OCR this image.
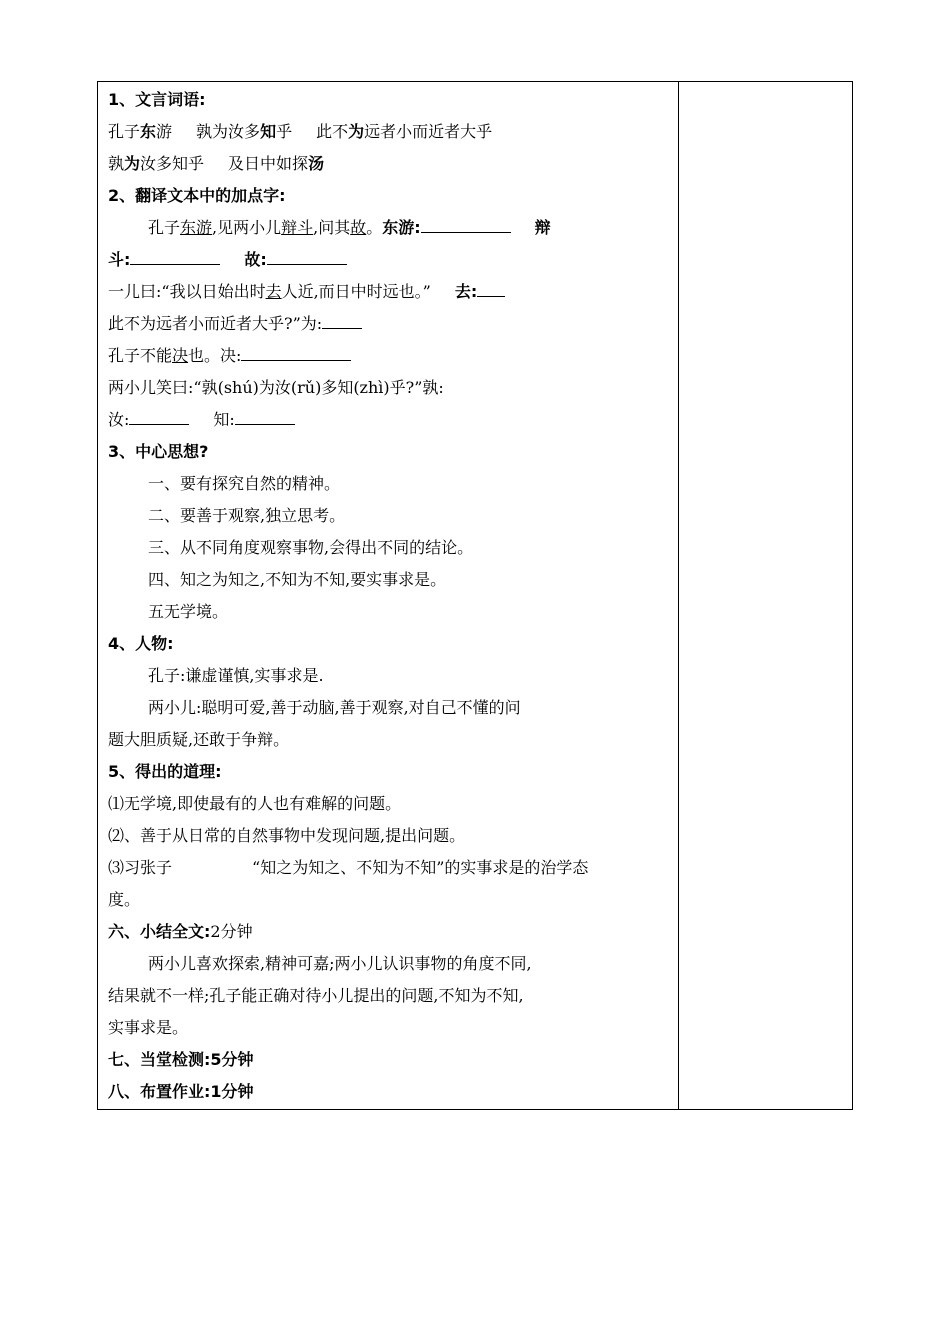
1、文言词语:
孔子东游 孰为汝多知乎 此不为远者小而近者大乎
孰为汝多知乎 及日中如探汤
2、翻译文本中的加点字:
孔子东游,见两小儿辩斗,问其故。东游:	辩
斗:	故:
一儿曰:“我以日始出时去人近,而日中时远也。” 去:
此不为远者小而近者大乎?”为:
孔子不能决也。决:
两小儿笑曰:“孰(shú)为汝(rǔ)多知(zhì)乎?”孰:
汝:	知:
3、中心思想?
一、要有探究自然的精神。
二、要善于观察,独立思考。
三、从不同角度观察事物,会得出不同的结论。
四、知之为知之,不知为不知,要实事求是。
五无学境。
4、人物:
孔子:谦虚谨慎,实事求是.
两小儿:聪明可爱,善于动脑,善于观察,对自己不懂的问
题大胆质疑,还敢于争辩。
5、得出的道理:
⑴无学境,即使最有的人也有难解的问题。
⑵、善于从日常的自然事物中发现问题,提出问题。
⑶习张子	“知之为知之、不知为不知”的实事求是的治学态
度。
六、小结全文:2分钟
两小儿喜欢探索,精神可嘉;两小儿认识事物的角度不同,
结果就不一样;孔子能正确对待小儿提出的问题,不知为不知,
实事求是。
七、当堂检测:5分钟
八、布置作业:1分钟
